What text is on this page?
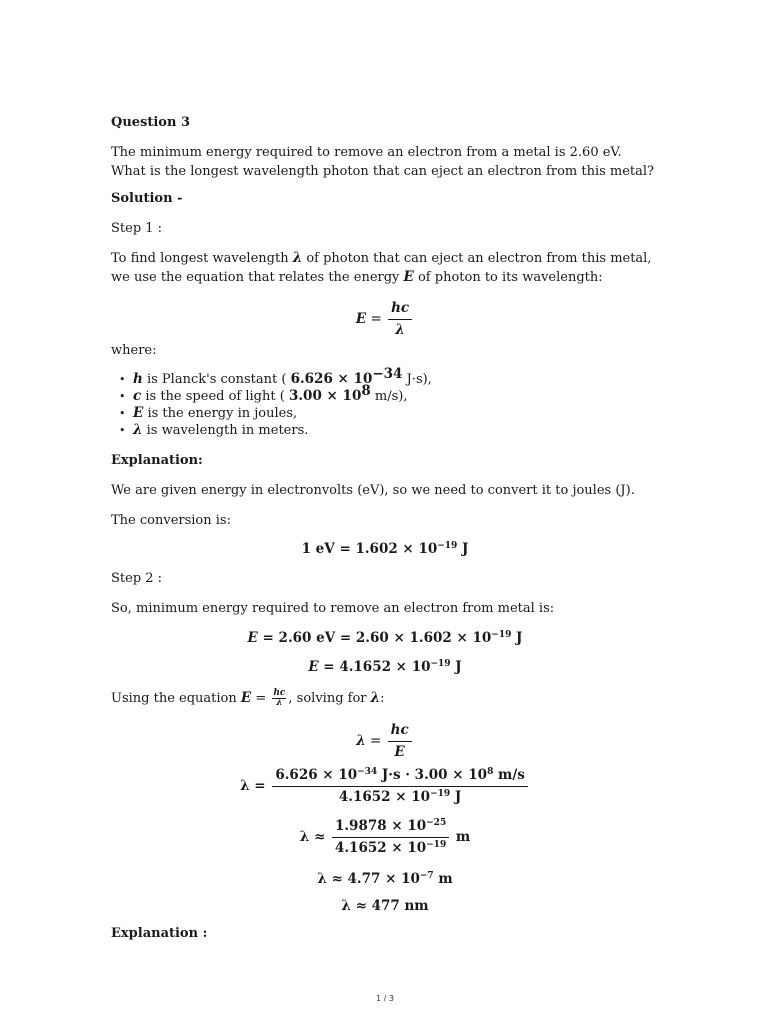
Question 3

The minimum energy required to remove an electron from a metal is 2.60 eV. What is the longest wavelength photon that can eject an electron from this metal?

Solution -

Step 1 :

To find longest wavelength λ of photon that can eject an electron from this metal, we use the equation that relates the energy E of photon to its wavelength:

$E = \frac{hc}{\lambda}$

where:

• h is Planck's constant ( $6.626 \times 10^{-34}$ J·s),
• c is the speed of light ( $3.00 \times 10^8$ m/s),
• E is the energy in joules,
• λ is wavelength in meters.

Explanation:

We are given energy in electronvolts (eV), so we need to convert it to joules (J).

The conversion is:

1 eV = $1.602 \times 10^{-19}$ J

Step 2 :

So, minimum energy required to remove an electron from metal is:

E = 2.60 eV = $2.60 \times 1.602 \times 10^{-19}$ J
$E = 4.1652 \times 10^{-19}$ J

Using the equation $E = \frac{hc}{\lambda}$ , solving for λ:

$\lambda = \frac{hc}{E}$
$\lambda = \frac{6.626 \times 10^{-34} J\cdot s \cdot 3.00 \times 10^8 m/s}{4.1652 \times 10^{-19} J}$
$\lambda \approx \frac{1.9878 \times 10^{-25}}{4.1652 \times 10^{-19}}$ m
$\lambda \approx 4.77 \times 10^{-7}$ m
λ ≈ 477 nm

Explanation :

1 / 3
